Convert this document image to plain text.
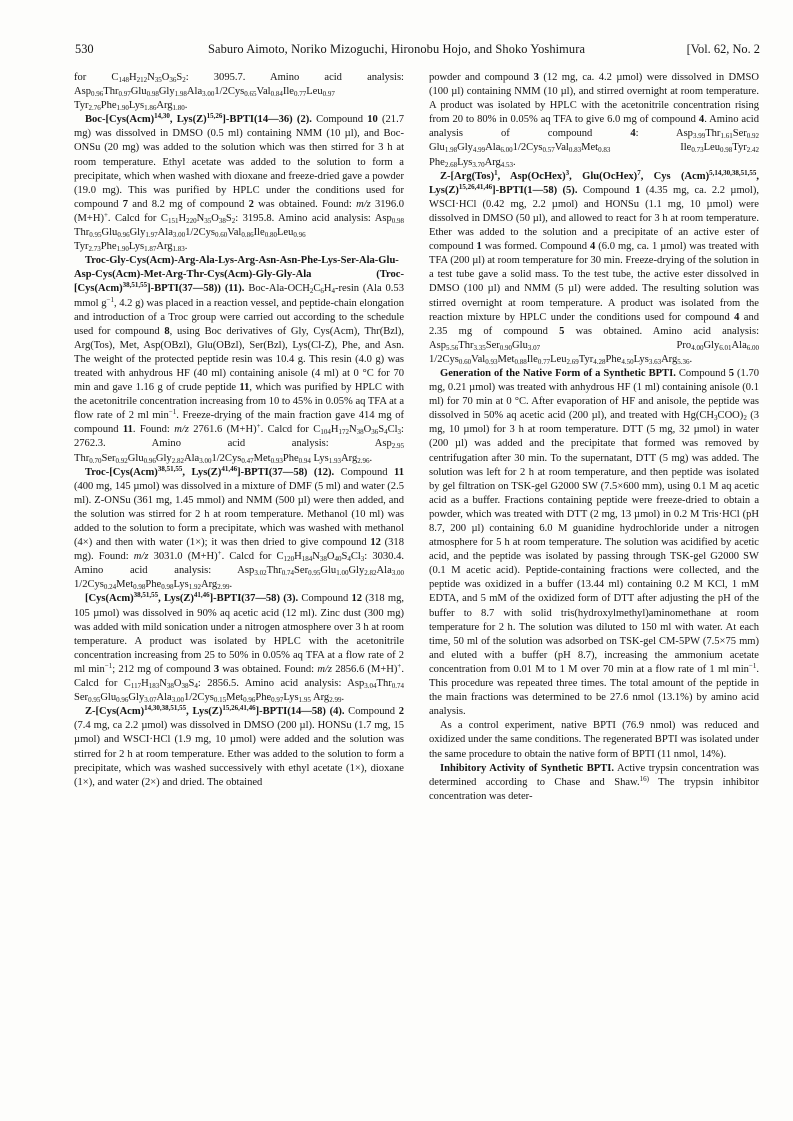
530	Saburo Aimoto, Noriko Mizoguchi, Hironobu Hojo, and Shoko Yoshimura	[Vol. 62, No. 2

for $C_{148}H_{212}N_{35}O_{36}S_2$: 3095.7. Amino acid analysis: Asp$_{0.96}$Thr$_{0.97}$Glu$_{0.98}$Gly$_{1.98}$Ala$_{3.00}$1/2Cys$_{0.65}$Val$_{0.84}$Ile$_{0.77}$Leu$_{0.97}$ Tyr$_{2.76}$Phe$_{1.90}$Lys$_{1.86}$Arg$_{1.80}$.

Boc-[Cys(Acm)$^{14,30}$, $Lys(Z)^{15,26}]-BPTI(14—36)$ (2). Compound 10 (21.7 mg) was dissolved in DMSO (0.5 ml) containing NMM (10 µl), and Boc-ONSu (20 mg) was added to the solution which was then stirred for 3 h at room temperature. Ethyl acetate was added to the solution to form a precipitate, which when washed with dioxane and freeze-dried gave a powder (19.0 mg). This was purified by HPLC under the conditions used for compound 7 and 8.2 mg of compound 2 was obtained. Found: m/z 3196.0 (M+H)+. Calcd for $C_{151}H_{220}N_{35}O_{38}S_2$: 3195.8. Amino acid analysis: Asp$_{0.98}$ Thr$_{0.95}$Glu$_{0.96}$Gly$_{1.97}$Ala$_{3.00}$1/2Cys$_{0.60}$Val$_{0.86}$Ile$_{0.80}$Leu$_{0.96}$ Tyr$_{2.73}$Phe$_{1.90}$Lys$_{1.87}$Arg$_{1.83}$.

Troc-Gly-Cys(Acm)-Arg-Ala-Lys-Arg-Asn-Asn-Phe-Lys-Ser-Ala-Glu-Asp-Cys(Acm)-Met-Arg-Thr-Cys(Acm)-Gly-Gly-Ala (Troc-[Cys(Acm)$^{38,51,55}$]-BPTI(37—58)) (11). Boc-$Ala-OCH_2C_6H_4$-resin (Ala 0.53 mmol $g^{-1}$, 4.2 g) was placed in a reaction vessel, and peptide-chain elongation and introduction of a Troc group were carried out according to the schedule used for compound 8, using Boc derivatives of Gly, Cys(Acm), Thr(Bzl), Arg(Tos), Met, Asp(OBzl), Glu(OBzl), Ser(Bzl), Lys(Cl-Z), Phe, and Asn. The weight of the protected peptide resin was 10.4 g. This resin (4.0 g) was treated with anhydrous HF (40 ml) containing anisole (4 ml) at 0 °C for 70 min and gave 1.16 g of crude peptide 11, which was purified by HPLC with the acetonitrile concentration increasing from 10 to 45% in 0.05% aq TFA at a flow rate of 2 ml $\min^{-1}$. Freeze-drying of the main fraction gave 414 mg of compound 11. Found: m/z 2761.6 (M+H)+. Calcd for $C_{104}H_{172}N_{38}O_{36}S_4Cl_3$: 2762.3. Amino acid analysis: Asp$_{2.95}$ Thr$_{0.70}$Ser$_{0.92}$Glu$_{0.96}$Gly$_{2.82}$Ala$_{3.00}$1/2Cys$_{0.47}$Met$_{0.93}$Phe$_{0.94}$ Lys$_{1.93}$Arg$_{2.96}$.

Troc-[Cys(Acm)$^{38,51,55}$, $Lys(Z)^{41,46}]-BPTI(37—58)$ (12). Compound 11 (400 mg, 145 µmol) was dissolved in a mixture of DMF (5 ml) and water (2.5 ml). Z-ONSu (361 mg, 1.45 mmol) and NMM (500 µl) were then added, and the solution was stirred for 2 h at room temperature. Methanol (10 ml) was added to the solution to form a precipitate, which was washed with methanol (4×) and then with water (1×); it was then dried to give compound 12 (318 mg). Found: m/z 3031.0 (M+H)+. Calcd for $C_{120}H_{184}N_{38}O_{40}S_4Cl_3$: 3030.4. Amino acid analysis: Asp$_{3.02}$Thr$_{0.74}$Ser$_{0.95}$Glu$_{1.00}$Gly$_{2.82}$Ala$_{3.00}$ 1/2Cys$_{0.24}$Met$_{0.98}$Phe$_{0.98}$Lys$_{1.92}$Arg$_{2.99}$.

[Cys(Acm)$^{38,51,55}$, $Lys(Z)^{41,46}]-BPTI(37—58)$ (3). Compound 12 (318 mg, 105 µmol) was dissolved in 90% aq acetic acid (12 ml). Zinc dust (300 mg) was added with mild sonication under a nitrogen atmosphere over 3 h at room temperature. A product was isolated by HPLC with the acetonitrile concentration increasing from 25 to 50% in 0.05% aq TFA at a flow rate of 2 ml $\min^{-1}$; 212 mg of compound 3 was obtained. Found: m/z 2856.6 (M+H)+. Calcd for $C_{117}H_{183}N_{38}O_{38}S_4$: 2856.5. Amino acid analysis: Asp$_{3.04}$Thr$_{0.74}$ Ser$_{0.95}$Glu$_{0.96}$Gly$_{3.07}$Ala$_{3.00}$1/2Cys$_{0.15}$Met$_{0.96}$Phe$_{0.97}$Lys$_{1.95}$ Arg$_{2.99}$.

Z-[Cys(Acm)$^{14,30,38,51,55}$, $Lys(Z)^{15,26,41,46}]-BPTI(14—58)$ (4). Compound 2 (7.4 mg, ca 2.2 µmol) was dissolved in DMSO (200 µl). HONSu (1.7 mg, 15 µmol) and WSCI·HCl (1.9 mg, 10 µmol) were added and the solution was stirred for 2 h at room temperature. Ether was added to the solution to form a precipitate, which was washed successively with ethyl acetate (1×), dioxane (1×), and water (2×) and dried. The obtained

powder and compound 3 (12 mg, ca. 4.2 µmol) were dissolved in DMSO (100 µl) containing NMM (10 µl), and stirred overnight at room temperature. A product was isolated by HPLC with the acetonitrile concentration rising from 20 to 80% in 0.05% aq TFA to give 6.0 mg of compound 4. Amino acid analysis of compound 4: Asp$_{3.99}$Thr$_{1.61}$Ser$_{0.92}$ Glu$_{1.98}$Gly$_{4.99}$Ala$_{6.00}$1/2Cys$_{0.57}$Val$_{0.83}$Met$_{0.83}$ Ile$_{0.73}$Leu$_{0.98}$Tyr$_{2.42}$ Phe$_{2.68}$Lys$_{3.70}$Arg$_{4.53}$.

Z-[Arg(Tos)$^1$, Asp(OcHex)$^3$, Glu(OcHex)$^7$, Cys (Acm)$^{5,14,30,38,51,55}$, $Lys(Z)^{15,26,41,46}]-BPTI(1—58)$ (5). Compound 1 (4.35 mg, ca. 2.2 µmol), WSCI·HCl (0.42 mg, 2.2 µmol) and HONSu (1.1 mg, 10 µmol) were dissolved in DMSO (50 µl), and allowed to react for 3 h at room temperature. Ether was added to the solution and a precipitate of an active ester of compound 1 was formed. Compound 4 (6.0 mg, ca. 1 µmol) was treated with TFA (200 µl) at room temperature for 30 min. Freeze-drying of the solution in a test tube gave a solid mass. To the test tube, the active ester dissolved in DMSO (100 µl) and NMM (5 µl) were added. The resulting solution was stirred overnight at room temperature. A product was isolated from the reaction mixture by HPLC under the conditions used for compound 4 and 2.35 mg of compound 5 was obtained. Amino acid analysis: Asp$_{5.56}$Thr$_{3.35}$Ser$_{0.90}$Glu$_{3.07}$ Pro$_{4.00}$Gly$_{6.01}$Ala$_{6.00}$ 1/2Cys$_{0.60}$Val$_{0.93}$Met$_{0.88}$Ile$_{0.77}$Leu$_{2.69}$Tyr$_{4.28}$Phe$_{4.50}$Lys$_{3.63}$Arg$_{5.36}$.

Generation of the Native Form of a Synthetic BPTI. Compound 5 (1.70 mg, 0.21 µmol) was treated with anhydrous HF (1 ml) containing anisole (0.1 ml) for 70 min at 0 °C. After evaporation of HF and anisole, the peptide was dissolved in 50% aq acetic acid (200 µl), and treated with $Hg(CH_3COO)_2$ (3 mg, 10 µmol) for 3 h at room temperature. DTT (5 mg, 32 µmol) in water (200 µl) was added and the precipitate that formed was removed by centrifugation after 30 min. To the supernatant, DTT (5 mg) was added. The solution was left for 2 h at room temperature, and then peptide was isolated by gel filtration on TSK-gel G2000 SW (7.5×600 mm), using 0.1 M aq acetic acid as a buffer. Fractions containing peptide were freeze-dried to obtain a powder, which was treated with DTT (2 mg, 13 µmol) in 0.2 M Tris·HCl (pH 8.7, 200 µl) containing 6.0 M guanidine hydrochloride under a nitrogen atmosphere for 5 h at room temperature. The solution was acidified by acetic acid, and the peptide was isolated by passing through TSK-gel G2000 SW (0.1 M acetic acid). Peptide-containing fractions were collected, and the peptide was oxidized in a buffer (13.44 ml) containing 0.2 M KCl, 1 mM EDTA, and 5 mM of the oxidized form of DTT after adjusting the pH of the buffer to 8.7 with solid tris(hydroxylmethyl)aminomethane at room temperature for 2 h. The solution was diluted to 150 ml with water. At each time, 50 ml of the solution was adsorbed on TSK-gel CM-5PW (7.5×75 mm) and eluted with a buffer (pH 8.7), increasing the ammonium acetate concentration from 0.01 M to 1 M over 70 min at a flow rate of 1 ml $\min^{-1}$. This procedure was repeated three times. The total amount of the peptide in the main fractions was determined to be 27.6 nmol (13.1%) by amino acid analysis.

As a control experiment, native BPTI (76.9 nmol) was reduced and oxidized under the same conditions. The regenerated BPTI was isolated under the same procedure to obtain the native form of BPTI (11 nmol, 14%).

Inhibitory Activity of Synthetic BPTI. Active trypsin concentration was determined according to Chase and Shaw.$^{16)}$ The trypsin inhibitor concentration was deter-
